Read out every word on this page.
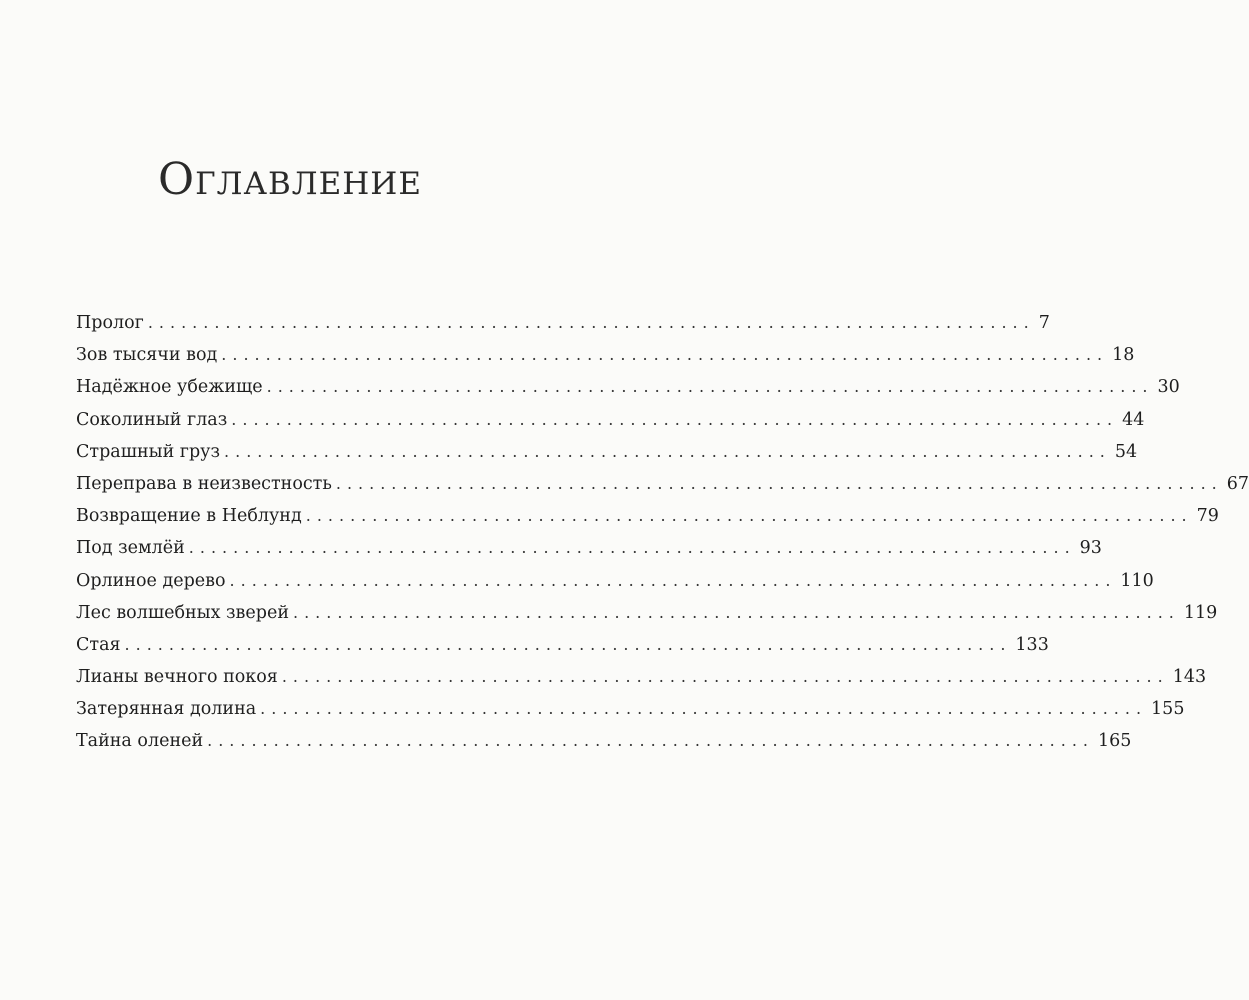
Оглавление
Пролог ................................................................................ 7
Зов тысячи вод ................................................................................ 18
Надёжное убежище ................................................................................ 30
Соколиный глаз ................................................................................ 44
Страшный груз ................................................................................ 54
Переправа в неизвестность ................................................................................ 67
Возвращение в Неблунд ................................................................................ 79
Под землёй ................................................................................ 93
Орлиное дерево ................................................................................ 110
Лес волшебных зверей ................................................................................ 119
Стая ................................................................................ 133
Лианы вечного покоя ................................................................................ 143
Затерянная долина ................................................................................ 155
Тайна оленей ................................................................................ 165
